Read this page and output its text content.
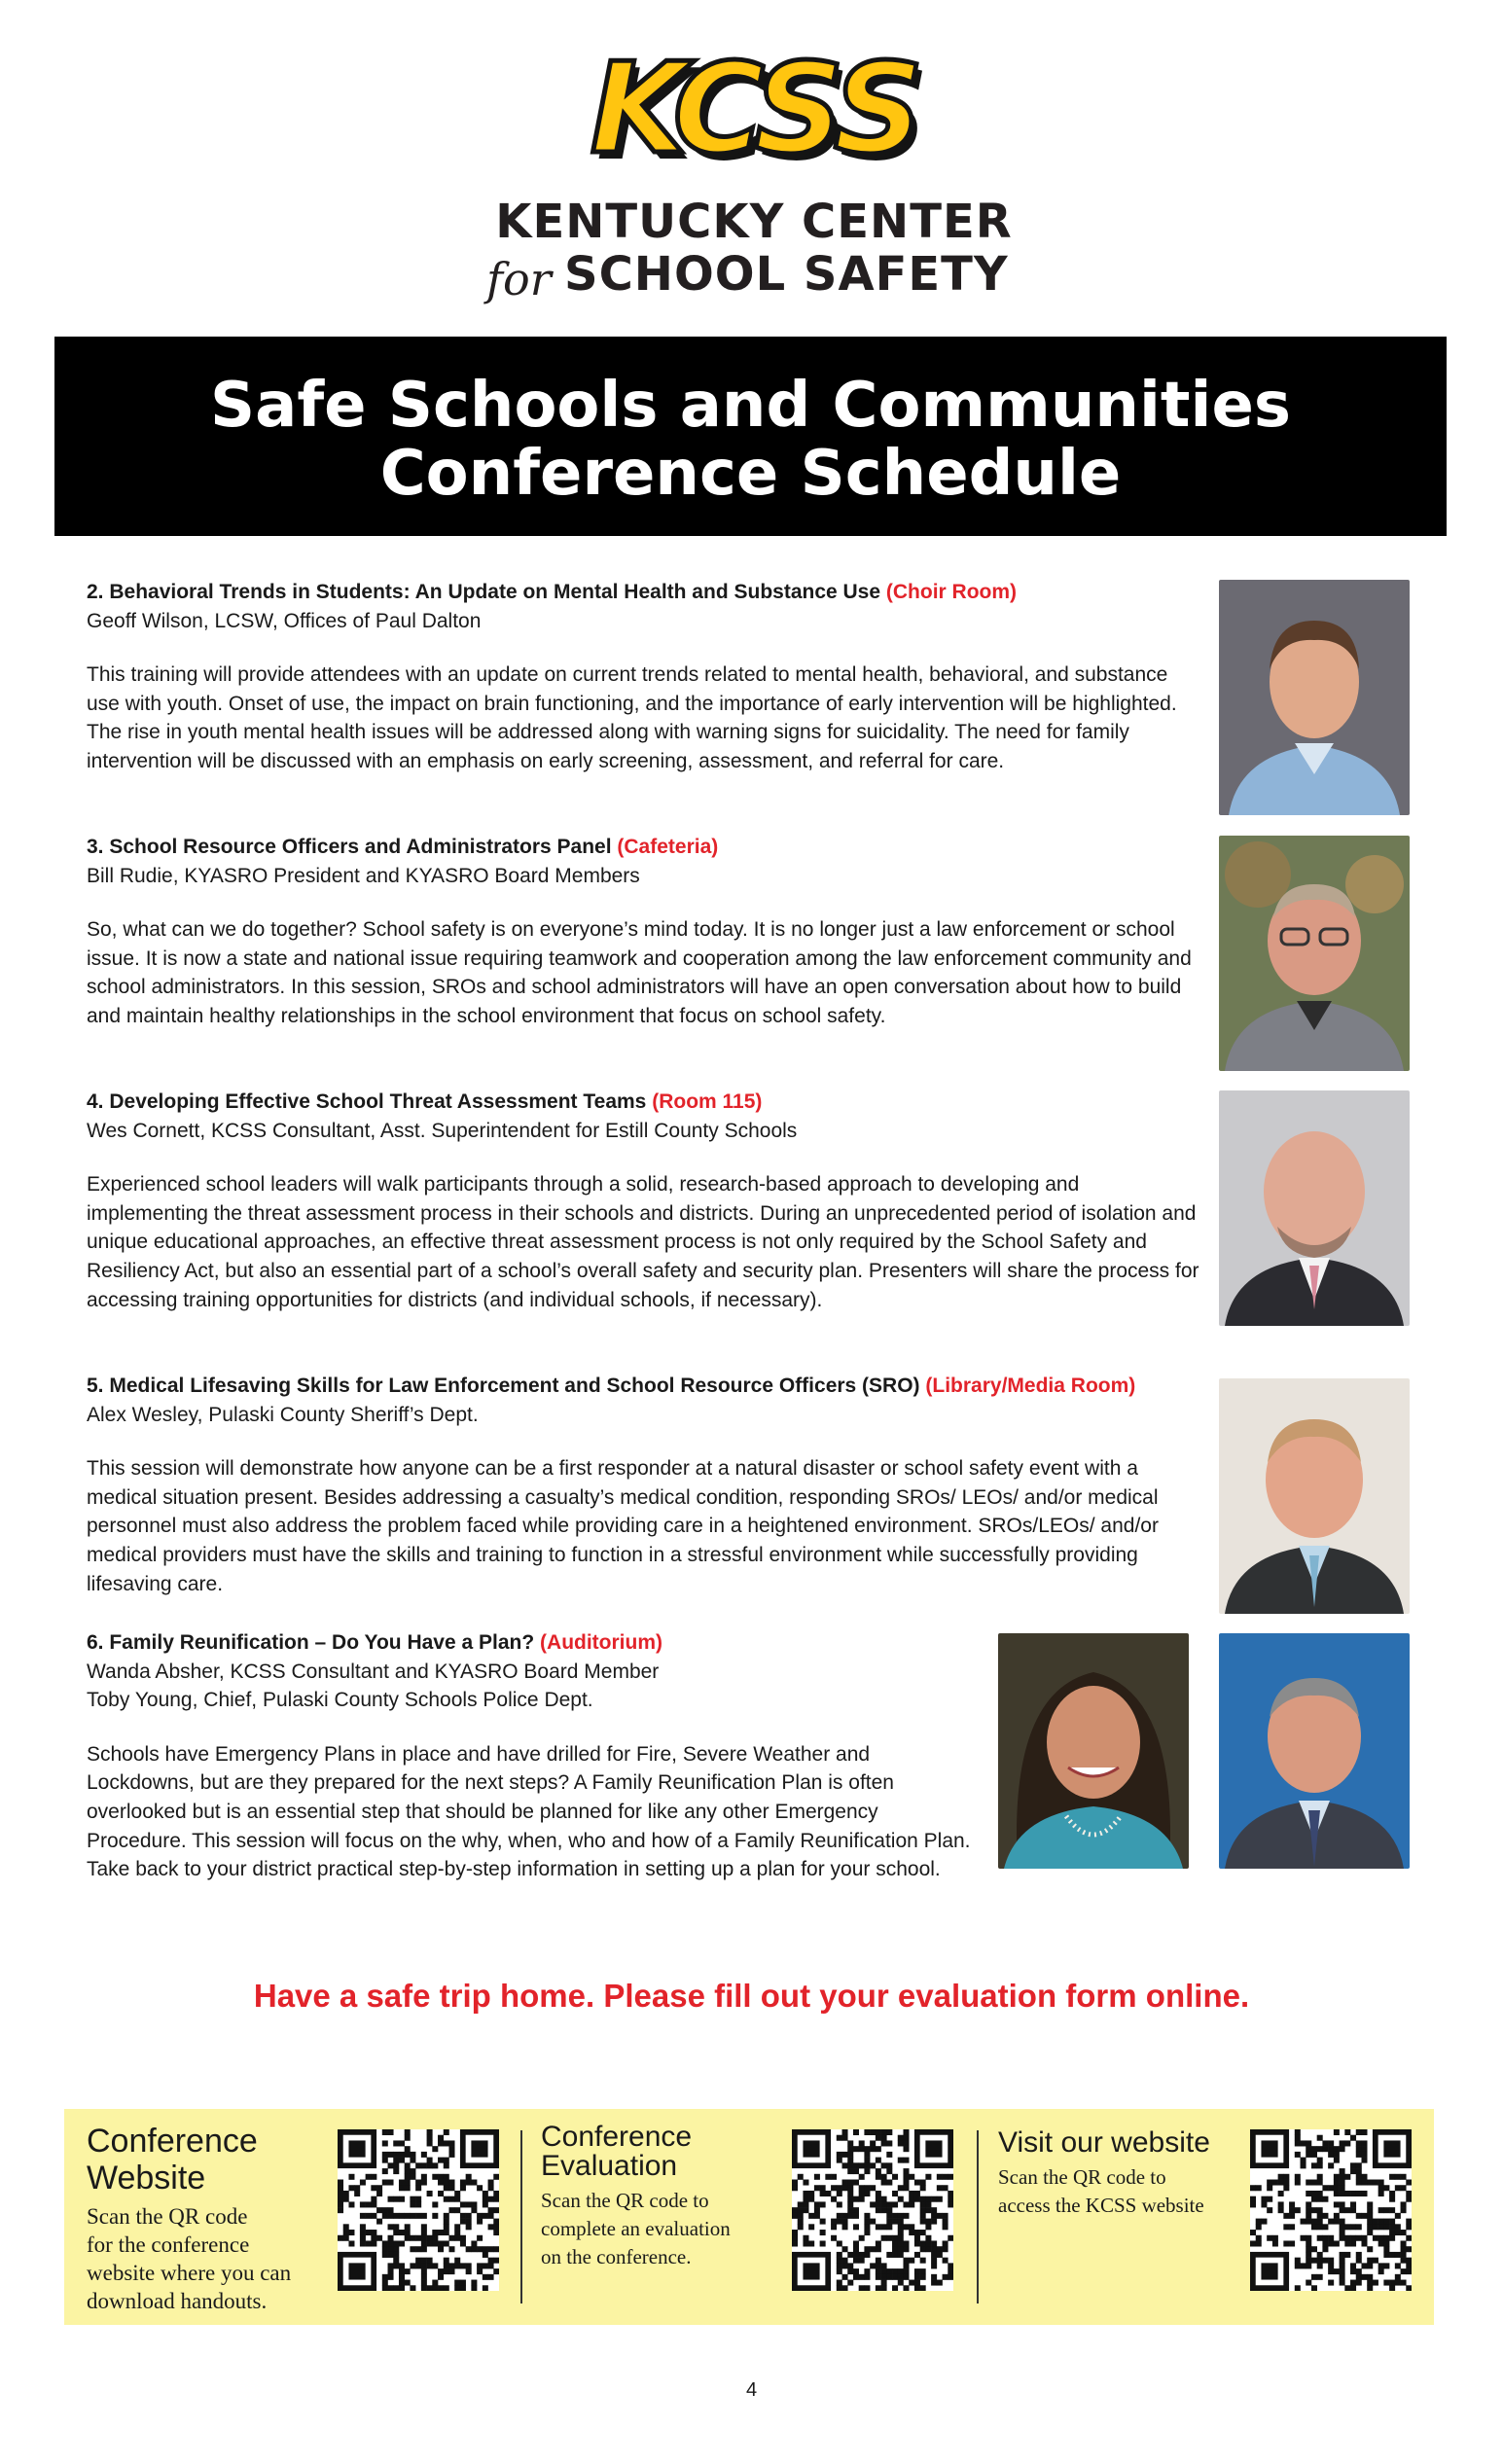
KCSS
KENTUCKY CENTER
for SCHOOL SAFETY
Safe Schools and Communities
Conference Schedule
2. Behavioral Trends in Students: An Update on Mental Health and Substance Use (Choir Room)
Geoff Wilson, LCSW, Offices of Paul Dalton
This training will provide attendees with an update on current trends related to mental health, behavioral, and substance use with youth. Onset of use, the impact on brain functioning, and the importance of early intervention will be highlighted. The rise in youth mental health issues will be addressed along with warning signs for suicidality. The need for family intervention will be discussed with an emphasis on early screening, assessment, and referral for care.
3. School Resource Officers and Administrators Panel (Cafeteria)
Bill Rudie, KYASRO President and KYASRO Board Members
So, what can we do together? School safety is on everyone’s mind today. It is no longer just a law enforcement or school issue. It is now a state and national issue requiring teamwork and cooperation among the law enforcement community and school administrators. In this session, SROs and school administrators will have an open conversation about how to build and maintain healthy relationships in the school environment that focus on school safety.
4. Developing Effective School Threat Assessment Teams (Room 115)
Wes Cornett, KCSS Consultant, Asst. Superintendent for Estill County Schools
Experienced school leaders will walk participants through a solid, research-based approach to developing and implementing the threat assessment process in their schools and districts. During an unprecedented period of isolation and unique educational approaches, an effective threat assessment process is not only required by the School Safety and Resiliency Act, but also an essential part of a school’s overall safety and security plan. Presenters will share the process for accessing training opportunities for districts (and individual schools, if necessary).
5. Medical Lifesaving Skills for Law Enforcement and School Resource Officers (SRO) (Library/Media Room)
Alex Wesley, Pulaski County Sheriff’s Dept.
This session will demonstrate how anyone can be a first responder at a natural disaster or school safety event with a medical situation present. Besides addressing a casualty’s medical condition, responding SROs/ LEOs/ and/or medical personnel must also address the problem faced while providing care in a heightened environment. SROs/LEOs/ and/or medical providers must have the skills and training to function in a stressful environment while successfully providing lifesaving care.
6. Family Reunification – Do You Have a Plan? (Auditorium)
Wanda Absher, KCSS Consultant and KYASRO Board Member
Toby Young, Chief, Pulaski County Schools Police Dept.
Schools have Emergency Plans in place and have drilled for Fire, Severe Weather and Lockdowns, but are they prepared for the next steps? A Family Reunification Plan is often overlooked but is an essential step that should be planned for like any other Emergency Procedure. This session will focus on the why, when, who and how of a Family Reunification Plan. Take back to your district practical step-by-step information in setting up a plan for your school.
Have a safe trip home. Please fill out your evaluation form online.
Conference
Website
Scan the QR code
for the conference
website where you can
download handouts.
Conference
Evaluation
Scan the QR code to
complete an evaluation
on the conference.
Visit our website
Scan the QR code to
access the KCSS website
4
